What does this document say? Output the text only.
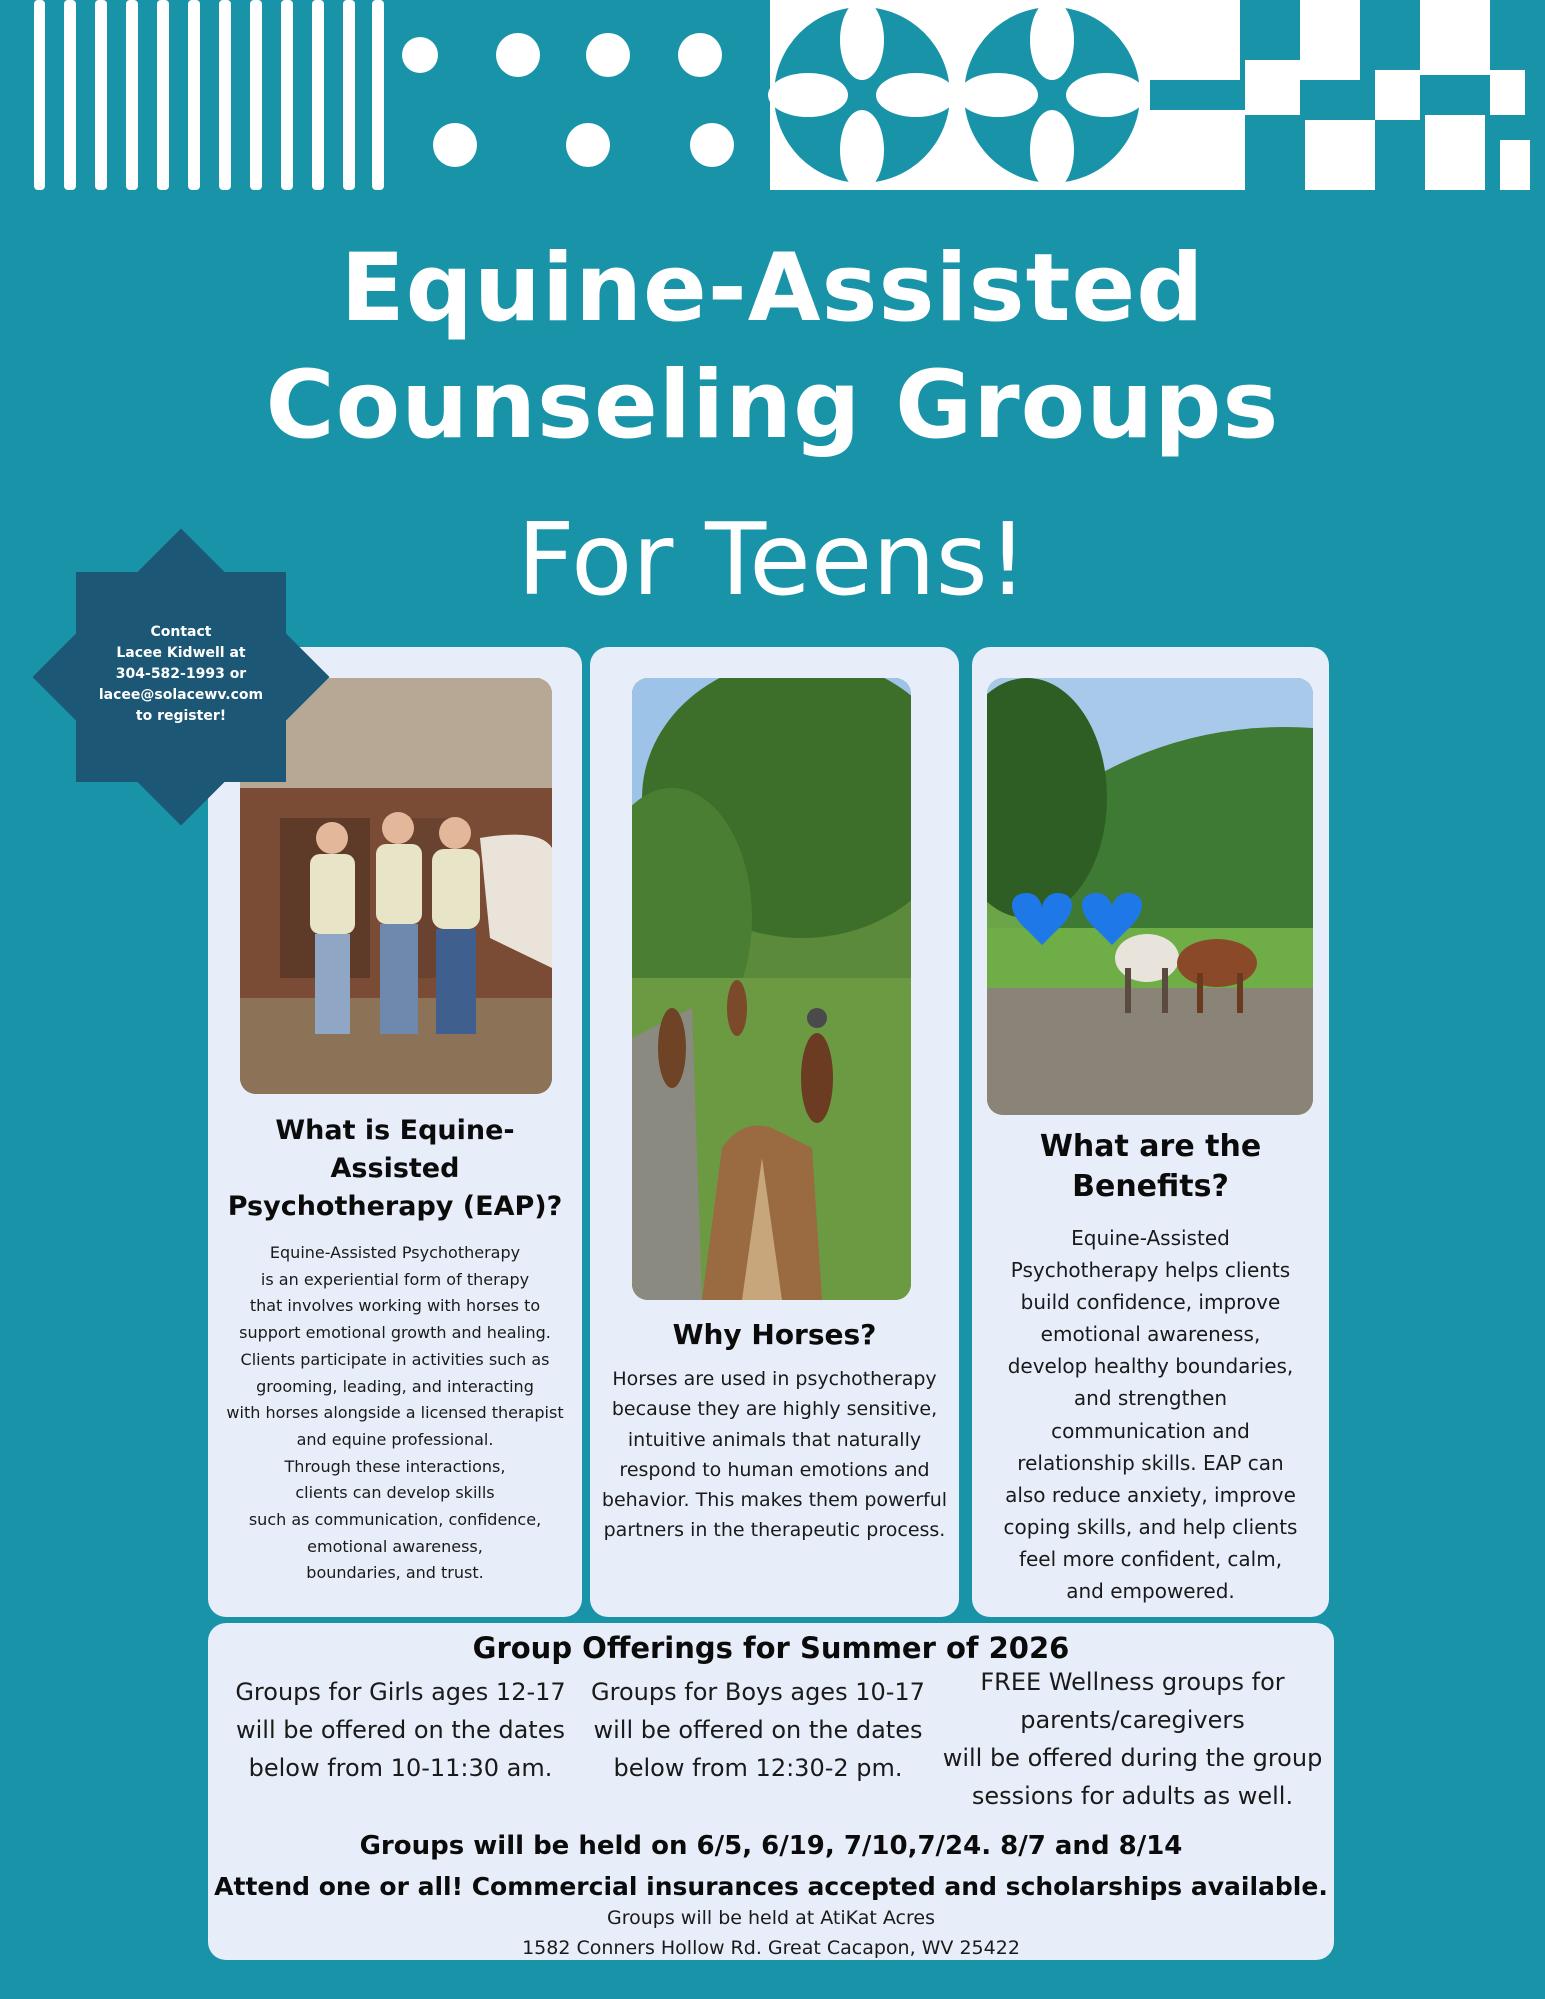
Equine-Assisted
Counseling Groups
For Teens!
What is Equine-
Assisted
Psychotherapy (EAP)?
Equine-Assisted Psychotherapy
is an experiential form of therapy
that involves working with horses to
support emotional growth and healing.
Clients participate in activities such as
grooming, leading, and interacting
with horses alongside a licensed therapist
and equine professional.
Through these interactions,
clients can develop skills
such as communication, confidence,
emotional awareness,
boundaries, and trust.
Why Horses?
Horses are used in psychotherapy
because they are highly sensitive,
intuitive animals that naturally
respond to human emotions and
behavior. This makes them powerful
partners in the therapeutic process.
What are the
Benefits?
Equine-Assisted
Psychotherapy helps clients
build confidence, improve
emotional awareness,
develop healthy boundaries,
and strengthen
communication and
relationship skills. EAP can
also reduce anxiety, improve
coping skills, and help clients
feel more confident, calm,
and empowered.
Contact
Lacee Kidwell at
304-582-1993 or
lacee@solacewv.com
to register!
Group Offerings for Summer of 2026
Groups for Girls ages 12-17
will be offered on the dates
below from 10-11:30 am.
Groups for Boys ages 10-17
will be offered on the dates
below from 12:30-2 pm.
FREE Wellness groups for
parents/caregivers
will be offered during the group
sessions for adults as well.
Groups will be held on 6/5, 6/19, 7/10,7/24. 8/7 and 8/14
Attend one or all! Commercial insurances accepted and scholarships available.
Groups will be held at AtiKat Acres
1582 Conners Hollow Rd. Great Cacapon, WV 25422
